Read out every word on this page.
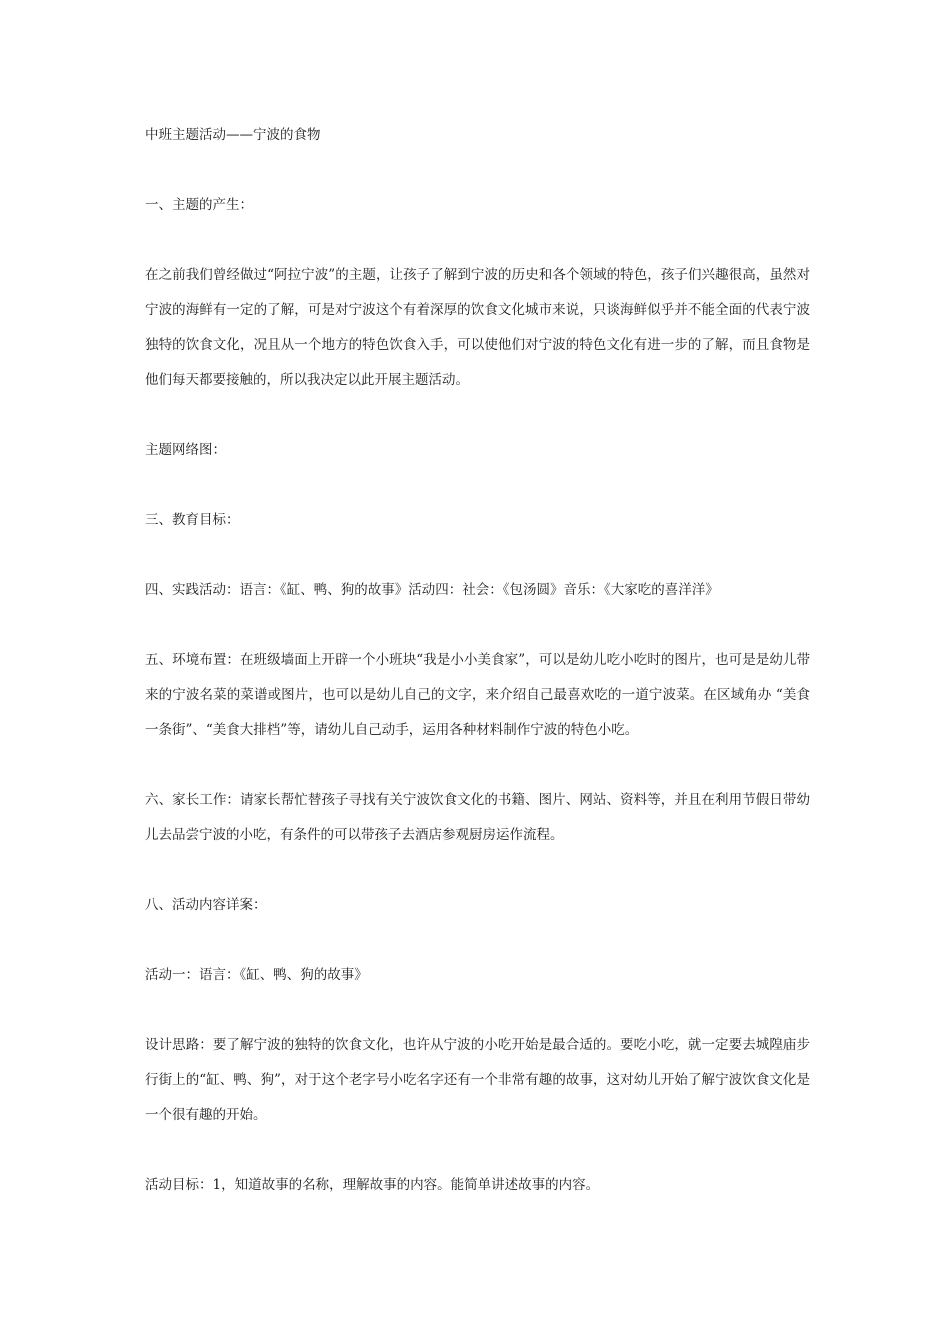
中班主题活动——宁波的食物

一、主题的产生：

在之前我们曾经做过“阿拉宁波”的主题，让孩子了解到宁波的历史和各个领域的特色，孩子们兴趣很高，虽然对宁波的海鲜有一定的了解，可是对宁波这个有着深厚的饮食文化城市来说，只谈海鲜似乎并不能全面的代表宁波独特的饮食文化，况且从一个地方的特色饮食入手，可以使他们对宁波的特色文化有进一步的了解，而且食物是他们每天都要接触的，所以我决定以此开展主题活动。

主题网络图：

三、教育目标：

四、实践活动：语言：《缸、鸭、狗的故事》活动四：社会：《包汤圆》音乐：《大家吃的喜洋洋》

五、环境布置：在班级墙面上开辟一个小班块“我是小小美食家”，可以是幼儿吃小吃时的图片，也可是是幼儿带来的宁波名菜的菜谱或图片，也可以是幼儿自己的文字，来介绍自己最喜欢吃的一道宁波菜。在区域角办 “美食一条街”、“美食大排档”等，请幼儿自己动手，运用各种材料制作宁波的特色小吃。

六、家长工作：请家长帮忙替孩子寻找有关宁波饮食文化的书籍、图片、网站、资料等，并且在利用节假日带幼儿去品尝宁波的小吃，有条件的可以带孩子去酒店参观厨房运作流程。

八、活动内容详案：

活动一：语言：《缸、鸭、狗的故事》

设计思路：要了解宁波的独特的饮食文化，也许从宁波的小吃开始是最合适的。要吃小吃，就一定要去城隍庙步行街上的“缸、鸭、狗”，对于这个老字号小吃名字还有一个非常有趣的故事，这对幼儿开始了解宁波饮食文化是一个很有趣的开始。

活动目标：1，知道故事的名称，理解故事的内容。能简单讲述故事的内容。
